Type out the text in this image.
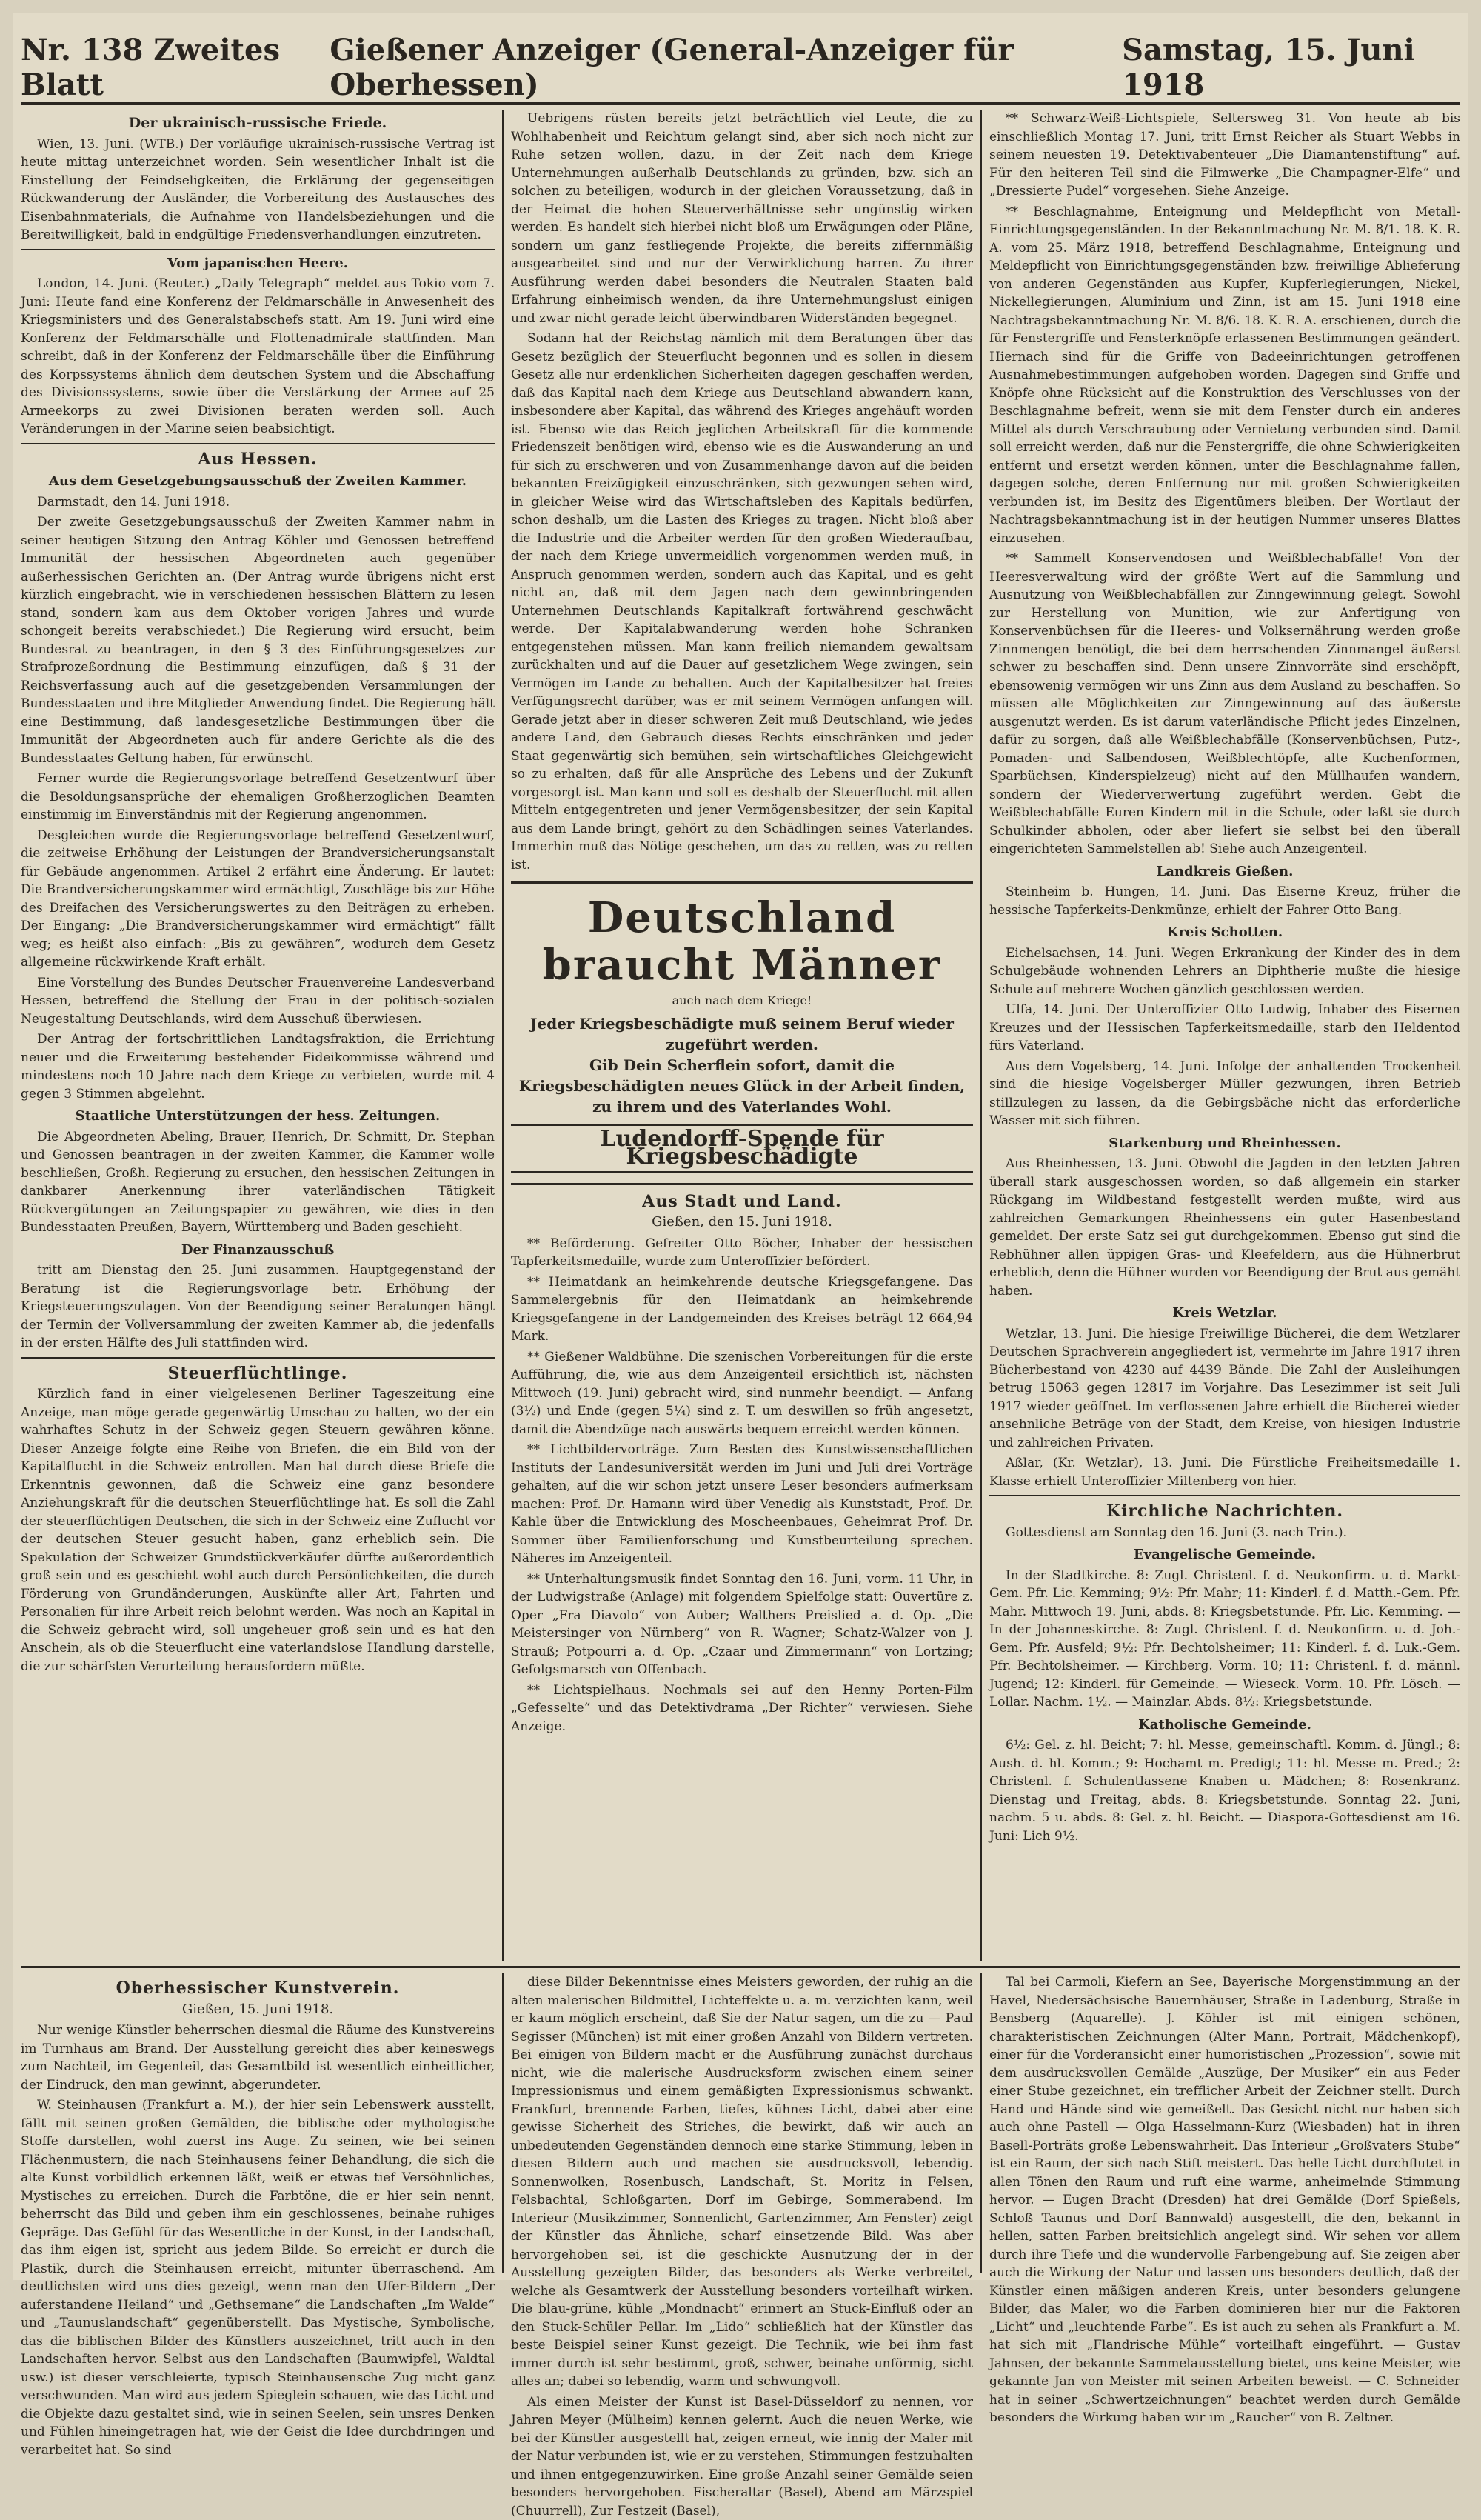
Nr. 138 Zweites Blatt
Gießener Anzeiger (General-Anzeiger für Oberhessen)
Samstag, 15. Juni 1918
Der ukrainisch-russische Friede.

Wien, 13. Juni. (WTB.) Der vorläufige ukrainisch-russische Vertrag ist heute mittag unterzeichnet worden. Sein wesentlicher Inhalt ist die Einstellung der Feindseligkeiten, die Erklärung der gegenseitigen Rückwanderung der Ausländer, die Vorbereitung des Austausches des Eisenbahnmaterials, die Aufnahme von Handelsbeziehungen und die Bereitwilligkeit, bald in endgültige Friedensverhandlungen einzutreten.

Vom japanischen Heere.

London, 14. Juni. (Reuter.) „Daily Telegraph“ meldet aus Tokio vom 7. Juni: Heute fand eine Konferenz der Feldmarschälle in Anwesenheit des Kriegsministers und des Generalstabschefs statt. Am 19. Juni wird eine Konferenz der Feldmarschälle und Flottenadmirale stattfinden. Man schreibt, daß in der Konferenz der Feldmarschälle über die Einführung des Korpssystems ähnlich dem deutschen System und die Abschaffung des Divisionssystems, sowie über die Verstärkung der Armee auf 25 Armeekorps zu zwei Divisionen beraten werden soll. Auch Veränderungen in der Marine seien beabsichtigt.

Aus Hessen.
Aus dem Gesetzgebungsausschuß der Zweiten Kammer.

Darmstadt, den 14. Juni 1918.

Der zweite Gesetzgebungsausschuß der Zweiten Kammer nahm in seiner heutigen Sitzung den Antrag Köhler und Genossen betreffend Immunität der hessischen Abgeordneten auch gegenüber außerhessischen Gerichten an. (Der Antrag wurde übrigens nicht erst kürzlich eingebracht, wie in verschiedenen hessischen Blättern zu lesen stand, sondern kam aus dem Oktober vorigen Jahres und wurde schongeit bereits verabschiedet.) Die Regierung wird ersucht, beim Bundesrat zu beantragen, in den § 3 des Einführungsgesetzes zur Strafprozeßordnung die Bestimmung einzufügen, daß § 31 der Reichsverfassung auch auf die gesetzgebenden Versammlungen der Bundesstaaten und ihre Mitglieder Anwendung findet. Die Regierung hält eine Bestimmung, daß landesgesetzliche Bestimmungen über die Immunität der Abgeordneten auch für andere Gerichte als die des Bundesstaates Geltung haben, für erwünscht.

Ferner wurde die Regierungsvorlage betreffend Gesetzentwurf über die Besoldungsansprüche der ehemaligen Großherzoglichen Beamten einstimmig im Einverständnis mit der Regierung angenommen.

Desgleichen wurde die Regierungsvorlage betreffend Gesetzentwurf, die zeitweise Erhöhung der Leistungen der Brandversicherungsanstalt für Gebäude angenommen. Artikel 2 erfährt eine Änderung. Er lautet: Die Brandversicherungskammer wird ermächtigt, Zuschläge bis zur Höhe des Dreifachen des Versicherungswertes zu den Beiträgen zu erheben. Der Eingang: „Die Brandversicherungskammer wird ermächtigt“ fällt weg; es heißt also einfach: „Bis zu gewähren“, wodurch dem Gesetz allgemeine rückwirkende Kraft erhält.

Eine Vorstellung des Bundes Deutscher Frauenvereine Landesverband Hessen, betreffend die Stellung der Frau in der politisch-sozialen Neugestaltung Deutschlands, wird dem Ausschuß überwiesen.

Der Antrag der fortschrittlichen Landtagsfraktion, die Errichtung neuer und die Erweiterung bestehender Fideikommisse während und mindestens noch 10 Jahre nach dem Kriege zu verbieten, wurde mit 4 gegen 3 Stimmen abgelehnt.

Staatliche Unterstützungen der hess. Zeitungen.

Die Abgeordneten Abeling, Brauer, Henrich, Dr. Schmitt, Dr. Stephan und Genossen beantragen in der zweiten Kammer, die Kammer wolle beschließen, Großh. Regierung zu ersuchen, den hessischen Zeitungen in dankbarer Anerkennung ihrer vaterländischen Tätigkeit Rückvergütungen an Zeitungspapier zu gewähren, wie dies in den Bundesstaaten Preußen, Bayern, Württemberg und Baden geschieht.

Der Finanzausschuß

tritt am Dienstag den 25. Juni zusammen. Hauptgegenstand der Beratung ist die Regierungsvorlage betr. Erhöhung der Kriegsteuerungszulagen. Von der Beendigung seiner Beratungen hängt der Termin der Vollversammlung der zweiten Kammer ab, die jedenfalls in der ersten Hälfte des Juli stattfinden wird.

Steuerflüchtlinge.

Kürzlich fand in einer vielgelesenen Berliner Tageszeitung eine Anzeige, man möge gerade gegenwärtig Umschau zu halten, wo der ein wahrhaftes Schutz in der Schweiz gegen Steuern gewähren könne. Dieser Anzeige folgte eine Reihe von Briefen, die ein Bild von der Kapitalflucht in die Schweiz entrollen. Man hat durch diese Briefe die Erkenntnis gewonnen, daß die Schweiz eine ganz besondere Anziehungskraft für die deutschen Steuerflüchtlinge hat. Es soll die Zahl der steuerflüchtigen Deutschen, die sich in der Schweiz eine Zuflucht vor der deutschen Steuer gesucht haben, ganz erheblich sein. Die Spekulation der Schweizer Grundstückverkäufer dürfte außerordentlich groß sein und es geschieht wohl auch durch Persönlichkeiten, die durch Förderung von Grundänderungen, Auskünfte aller Art, Fahrten und Personalien für ihre Arbeit reich belohnt werden. Was noch an Kapital in die Schweiz gebracht wird, soll ungeheuer groß sein und es hat den Anschein, als ob die Steuerflucht eine vaterlandslose Handlung darstelle, die zur schärfsten Verurteilung herausfordern müßte.

Uebrigens rüsten bereits jetzt beträchtlich viel Leute, die zu Wohlhabenheit und Reichtum gelangt sind, aber sich noch nicht zur Ruhe setzen wollen, dazu, in der Zeit nach dem Kriege Unternehmungen außerhalb Deutschlands zu gründen, bzw. sich an solchen zu beteiligen, wodurch in der gleichen Voraussetzung, daß in der Heimat die hohen Steuerverhältnisse sehr ungünstig wirken werden. Es handelt sich hierbei nicht bloß um Erwägungen oder Pläne, sondern um ganz festliegende Projekte, die bereits ziffernmäßig ausgearbeitet sind und nur der Verwirklichung harren. Zu ihrer Ausführung werden dabei besonders die Neutralen Staaten bald Erfahrung einheimisch wenden, da ihre Unternehmungslust einigen und zwar nicht gerade leicht überwindbaren Widerständen begegnet.

Sodann hat der Reichstag nämlich mit dem Beratungen über das Gesetz bezüglich der Steuerflucht begonnen und es sollen in diesem Gesetz alle nur erdenklichen Sicherheiten dagegen geschaffen werden, daß das Kapital nach dem Kriege aus Deutschland abwandern kann, insbesondere aber Kapital, das während des Krieges angehäuft worden ist. Ebenso wie das Reich jeglichen Arbeitskraft für die kommende Friedenszeit benötigen wird, ebenso wie es die Auswanderung an und für sich zu erschweren und von Zusammenhange davon auf die beiden bekannten Freizügigkeit einzuschränken, sich gezwungen sehen wird, in gleicher Weise wird das Wirtschaftsleben des Kapitals bedürfen, schon deshalb, um die Lasten des Krieges zu tragen. Nicht bloß aber die Industrie und die Arbeiter werden für den großen Wiederaufbau, der nach dem Kriege unvermeidlich vorgenommen werden muß, in Anspruch genommen werden, sondern auch das Kapital, und es geht nicht an, daß mit dem Jagen nach dem gewinnbringenden Unternehmen Deutschlands Kapitalkraft fortwährend geschwächt werde. Der Kapitalabwanderung werden hohe Schranken entgegenstehen müssen. Man kann freilich niemandem gewaltsam zurückhalten und auf die Dauer auf gesetzlichem Wege zwingen, sein Vermögen im Lande zu behalten. Auch der Kapitalbesitzer hat freies Verfügungsrecht darüber, was er mit seinem Vermögen anfangen will. Gerade jetzt aber in dieser schweren Zeit muß Deutschland, wie jedes andere Land, den Gebrauch dieses Rechts einschränken und jeder Staat gegenwärtig sich bemühen, sein wirtschaftliches Gleichgewicht so zu erhalten, daß für alle Ansprüche des Lebens und der Zukunft vorgesorgt ist. Man kann und soll es deshalb der Steuerflucht mit allen Mitteln entgegentreten und jener Vermögensbesitzer, der sein Kapital aus dem Lande bringt, gehört zu den Schädlingen seines Vaterlandes. Immerhin muß das Nötige geschehen, um das zu retten, was zu retten ist.

Deutschland
braucht Männer
auch nach dem Kriege!
Jeder Kriegsbeschädigte muß seinem Beruf wieder zugeführt werden.
Gib Dein Scherflein sofort, damit die Kriegsbeschädigten neues Glück in der Arbeit finden, zu ihrem und des Vaterlandes Wohl.
Ludendorff-Spende für Kriegsbeschädigte
Aus Stadt und Land.
Gießen, den 15. Juni 1918.

** Beförderung. Gefreiter Otto Böcher, Inhaber der hessischen Tapferkeitsmedaille, wurde zum Unteroffizier befördert.

** Heimatdank an heimkehrende deutsche Kriegsgefangene. Das Sammelergebnis für den Heimatdank an heimkehrende Kriegsgefangene in der Landgemeinden des Kreises beträgt 12 664,94 Mark.

** Gießener Waldbühne. Die szenischen Vorbereitungen für die erste Aufführung, die, wie aus dem Anzeigenteil ersichtlich ist, nächsten Mittwoch (19. Juni) gebracht wird, sind nunmehr beendigt. — Anfang (3½) und Ende (gegen 5¼) sind z. T. um deswillen so früh angesetzt, damit die Abendzüge nach auswärts bequem erreicht werden können.

** Lichtbildervorträge. Zum Besten des Kunstwissenschaftlichen Instituts der Landesuniversität werden im Juni und Juli drei Vorträge gehalten, auf die wir schon jetzt unsere Leser besonders aufmerksam machen: Prof. Dr. Hamann wird über Venedig als Kunststadt, Prof. Dr. Kahle über die Entwicklung des Moscheenbaues, Geheimrat Prof. Dr. Sommer über Familienforschung und Kunstbeurteilung sprechen. Näheres im Anzeigenteil.

** Unterhaltungsmusik findet Sonntag den 16. Juni, vorm. 11 Uhr, in der Ludwigstraße (Anlage) mit folgendem Spielfolge statt: Ouvertüre z. Oper „Fra Diavolo“ von Auber; Walthers Preislied a. d. Op. „Die Meistersinger von Nürnberg“ von R. Wagner; Schatz-Walzer von J. Strauß; Potpourri a. d. Op. „Czaar und Zimmermann“ von Lortzing; Gefolgsmarsch von Offenbach.

** Lichtspielhaus. Nochmals sei auf den Henny Porten-Film „Gefesselte“ und das Detektivdrama „Der Richter“ verwiesen. Siehe Anzeige.

** Schwarz-Weiß-Lichtspiele, Seltersweg 31. Von heute ab bis einschließlich Montag 17. Juni, tritt Ernst Reicher als Stuart Webbs in seinem neuesten 19. Detektivabenteuer „Die Diamantenstiftung“ auf. Für den heiteren Teil sind die Filmwerke „Die Champagner-Elfe“ und „Dressierte Pudel“ vorgesehen. Siehe Anzeige.

** Beschlagnahme, Enteignung und Meldepflicht von Metall-Einrichtungsgegenständen. In der Bekanntmachung Nr. M. 8/1. 18. K. R. A. vom 25. März 1918, betreffend Beschlagnahme, Enteignung und Meldepflicht von Einrichtungsgegenständen bzw. freiwillige Ablieferung von anderen Gegenständen aus Kupfer, Kupferlegierungen, Nickel, Nickellegierungen, Aluminium und Zinn, ist am 15. Juni 1918 eine Nachtragsbekanntmachung Nr. M. 8/6. 18. K. R. A. erschienen, durch die für Fenstergriffe und Fensterknöpfe erlassenen Bestimmungen geändert. Hiernach sind für die Griffe von Badeeinrichtungen getroffenen Ausnahmebestimmungen aufgehoben worden. Dagegen sind Griffe und Knöpfe ohne Rücksicht auf die Konstruktion des Verschlusses von der Beschlagnahme befreit, wenn sie mit dem Fenster durch ein anderes Mittel als durch Verschraubung oder Vernietung verbunden sind. Damit soll erreicht werden, daß nur die Fenstergriffe, die ohne Schwierigkeiten entfernt und ersetzt werden können, unter die Beschlagnahme fallen, dagegen solche, deren Entfernung nur mit großen Schwierigkeiten verbunden ist, im Besitz des Eigentümers bleiben. Der Wortlaut der Nachtragsbekanntmachung ist in der heutigen Nummer unseres Blattes einzusehen.

** Sammelt Konservendosen und Weißblechabfälle! Von der Heeresverwaltung wird der größte Wert auf die Sammlung und Ausnutzung von Weißblechabfällen zur Zinngewinnung gelegt. Sowohl zur Herstellung von Munition, wie zur Anfertigung von Konservenbüchsen für die Heeres- und Volksernährung werden große Zinnmengen benötigt, die bei dem herrschenden Zinnmangel äußerst schwer zu beschaffen sind. Denn unsere Zinnvorräte sind erschöpft, ebensowenig vermögen wir uns Zinn aus dem Ausland zu beschaffen. So müssen alle Möglichkeiten zur Zinngewinnung auf das äußerste ausgenutzt werden. Es ist darum vaterländische Pflicht jedes Einzelnen, dafür zu sorgen, daß alle Weißblechabfälle (Konservenbüchsen, Putz-, Pomaden- und Salbendosen, Weißblechtöpfe, alte Kuchenformen, Sparbüchsen, Kinderspielzeug) nicht auf den Müllhaufen wandern, sondern der Wiederverwertung zugeführt werden. Gebt die Weißblechabfälle Euren Kindern mit in die Schule, oder laßt sie durch Schulkinder abholen, oder aber liefert sie selbst bei den überall eingerichteten Sammelstellen ab! Siehe auch Anzeigenteil.

Landkreis Gießen.

Steinheim b. Hungen, 14. Juni. Das Eiserne Kreuz, früher die hessische Tapferkeits-Denkmünze, erhielt der Fahrer Otto Bang.

Kreis Schotten.

Eichelsachsen, 14. Juni. Wegen Erkrankung der Kinder des in dem Schulgebäude wohnenden Lehrers an Diphtherie mußte die hiesige Schule auf mehrere Wochen gänzlich geschlossen werden.

Ulfa, 14. Juni. Der Unteroffizier Otto Ludwig, Inhaber des Eisernen Kreuzes und der Hessischen Tapferkeitsmedaille, starb den Heldentod fürs Vaterland.

Aus dem Vogelsberg, 14. Juni. Infolge der anhaltenden Trockenheit sind die hiesige Vogelsberger Müller gezwungen, ihren Betrieb stillzulegen zu lassen, da die Gebirgsbäche nicht das erforderliche Wasser mit sich führen.

Starkenburg und Rheinhessen.

Aus Rheinhessen, 13. Juni. Obwohl die Jagden in den letzten Jahren überall stark ausgeschossen worden, so daß allgemein ein starker Rückgang im Wildbestand festgestellt werden mußte, wird aus zahlreichen Gemarkungen Rheinhessens ein guter Hasenbestand gemeldet. Der erste Satz sei gut durchgekommen. Ebenso gut sind die Rebhühner allen üppigen Gras- und Kleefeldern, aus die Hühnerbrut erheblich, denn die Hühner wurden vor Beendigung der Brut aus gemäht haben.

Kreis Wetzlar.

Wetzlar, 13. Juni. Die hiesige Freiwillige Bücherei, die dem Wetzlarer Deutschen Sprachverein angegliedert ist, vermehrte im Jahre 1917 ihren Bücherbestand von 4230 auf 4439 Bände. Die Zahl der Ausleihungen betrug 15063 gegen 12817 im Vorjahre. Das Lesezimmer ist seit Juli 1917 wieder geöffnet. Im verflossenen Jahre erhielt die Bücherei wieder ansehnliche Beträge von der Stadt, dem Kreise, von hiesigen Industrie und zahlreichen Privaten.

Aßlar, (Kr. Wetzlar), 13. Juni. Die Fürstliche Freiheitsmedaille 1. Klasse erhielt Unteroffizier Miltenberg von hier.

Kirchliche Nachrichten.

Gottesdienst am Sonntag den 16. Juni (3. nach Trin.).

Evangelische Gemeinde.

In der Stadtkirche. 8: Zugl. Christenl. f. d. Neukonfirm. u. d. Markt-Gem. Pfr. Lic. Kemming; 9½: Pfr. Mahr; 11: Kinderl. f. d. Matth.-Gem. Pfr. Mahr. Mittwoch 19. Juni, abds. 8: Kriegsbetstunde. Pfr. Lic. Kemming. — In der Johanneskirche. 8: Zugl. Christenl. f. d. Neukonfirm. u. d. Joh.-Gem. Pfr. Ausfeld; 9½: Pfr. Bechtolsheimer; 11: Kinderl. f. d. Luk.-Gem. Pfr. Bechtolsheimer. — Kirchberg. Vorm. 10; 11: Christenl. f. d. männl. Jugend; 12: Kinderl. für Gemeinde. — Wieseck. Vorm. 10. Pfr. Lösch. — Lollar. Nachm. 1½. — Mainzlar. Abds. 8½: Kriegsbetstunde.

Katholische Gemeinde.

6½: Gel. z. hl. Beicht; 7: hl. Messe, gemeinschaftl. Komm. d. Jüngl.; 8: Aush. d. hl. Komm.; 9: Hochamt m. Predigt; 11: hl. Messe m. Pred.; 2: Christenl. f. Schulentlassene Knaben u. Mädchen; 8: Rosenkranz. Dienstag und Freitag, abds. 8: Kriegsbetstunde. Sonntag 22. Juni, nachm. 5 u. abds. 8: Gel. z. hl. Beicht. — Diaspora-Gottesdienst am 16. Juni: Lich 9½.

Oberhessischer Kunstverein.
Gießen, 15. Juni 1918.

Nur wenige Künstler beherrschen diesmal die Räume des Kunstvereins im Turnhaus am Brand. Der Ausstellung gereicht dies aber keineswegs zum Nachteil, im Gegenteil, das Gesamtbild ist wesentlich einheitlicher, der Eindruck, den man gewinnt, abgerundeter.

W. Steinhausen (Frankfurt a. M.), der hier sein Lebenswerk ausstellt, fällt mit seinen großen Gemälden, die biblische oder mythologische Stoffe darstellen, wohl zuerst ins Auge. Zu seinen, wie bei seinen Flächenmustern, die nach Steinhausens feiner Behandlung, die sich die alte Kunst vorbildlich erkennen läßt, weiß er etwas tief Versöhnliches, Mystisches zu erreichen. Durch die Farbtöne, die er hier sein nennt, beherrscht das Bild und geben ihm ein geschlossenes, beinahe ruhiges Gepräge. Das Gefühl für das Wesentliche in der Kunst, in der Landschaft, das ihm eigen ist, spricht aus jedem Bilde. So erreicht er durch die Plastik, durch die Steinhausen erreicht, mitunter überraschend. Am deutlichsten wird uns dies gezeigt, wenn man den Ufer-Bildern „Der auferstandene Heiland“ und „Gethsemane“ die Landschaften „Im Walde“ und „Taunuslandschaft“ gegenüberstellt. Das Mystische, Symbolische, das die biblischen Bilder des Künstlers auszeichnet, tritt auch in den Landschaften hervor. Selbst aus den Landschaften (Baumwipfel, Waldtal usw.) ist dieser verschleierte, typisch Steinhausensche Zug nicht ganz verschwunden. Man wird aus jedem Spieglein schauen, wie das Licht und die Objekte dazu gestaltet sind, wie in seinen Seelen, sein unsres Denken und Fühlen hineingetragen hat, wie der Geist die Idee durchdringen und verarbeitet hat. So sind

diese Bilder Bekenntnisse eines Meisters geworden, der ruhig an die alten malerischen Bildmittel, Lichteffekte u. a. m. verzichten kann, weil er kaum möglich erscheint, daß Sie der Natur sagen, um die zu — Paul Segisser (München) ist mit einer großen Anzahl von Bildern vertreten. Bei einigen von Bildern macht er die Ausführung zunächst durchaus nicht, wie die malerische Ausdrucksform zwischen einem seiner Impressionismus und einem gemäßigten Expressionismus schwankt. Frankfurt, brennende Farben, tiefes, kühnes Licht, dabei aber eine gewisse Sicherheit des Striches, die bewirkt, daß wir auch an unbedeutenden Gegenständen dennoch eine starke Stimmung, leben in diesen Bildern auch und machen sie ausdrucksvoll, lebendig. Sonnenwolken, Rosenbusch, Landschaft, St. Moritz in Felsen, Felsbachtal, Schloßgarten, Dorf im Gebirge, Sommerabend. Im Interieur (Musikzimmer, Sonnenlicht, Gartenzimmer, Am Fenster) zeigt der Künstler das Ähnliche, scharf einsetzende Bild. Was aber hervorgehoben sei, ist die geschickte Ausnutzung der in der Ausstellung gezeigten Bilder, das besonders als Werke verbreitet, welche als Gesamtwerk der Ausstellung besonders vorteilhaft wirken. Die blau-grüne, kühle „Mondnacht“ erinnert an Stuck-Einfluß oder an den Stuck-Schüler Pellar. Im „Lido“ schließlich hat der Künstler das beste Beispiel seiner Kunst gezeigt. Die Technik, wie bei ihm fast immer durch ist sehr bestimmt, groß, schwer, beinahe unförmig, sicht alles an; dabei so lebendig, warm und schwungvoll.

Als einen Meister der Kunst ist Basel-Düsseldorf zu nennen, vor Jahren Meyer (Mülheim) kennen gelernt. Auch die neuen Werke, wie bei der Künstler ausgestellt hat, zeigen erneut, wie innig der Maler mit der Natur verbunden ist, wie er zu verstehen, Stimmungen festzuhalten und ihnen entgegenzuwirken. Eine große Anzahl seiner Gemälde seien besonders hervorgehoben. Fischeraltar (Basel), Abend am Märzspiel (Chuurrell), Zur Festzeit (Basel),

Tal bei Carmoli, Kiefern an See, Bayerische Morgenstimmung an der Havel, Niedersächsische Bauernhäuser, Straße in Ladenburg, Straße in Bensberg (Aquarelle). J. Köhler ist mit einigen schönen, charakteristischen Zeichnungen (Alter Mann, Portrait, Mädchenkopf), einer für die Vorderansicht einer humoristischen „Prozession“, sowie mit dem ausdrucksvollen Gemälde „Auszüge, Der Musiker“ ein aus Feder einer Stube gezeichnet, ein trefflicher Arbeit der Zeichner stellt. Durch Hand und Hände sind wie gemeißelt. Das Gesicht nicht nur haben sich auch ohne Pastell — Olga Hasselmann-Kurz (Wiesbaden) hat in ihren Basell-Porträts große Lebenswahrheit. Das Interieur „Großvaters Stube“ ist ein Raum, der sich nach Stift meistert. Das helle Licht durchflutet in allen Tönen den Raum und ruft eine warme, anheimelnde Stimmung hervor. — Eugen Bracht (Dresden) hat drei Gemälde (Dorf Spießels, Schloß Taunus und Dorf Bannwald) ausgestellt, die den, bekannt in hellen, satten Farben breitsichlich angelegt sind. Wir sehen vor allem durch ihre Tiefe und die wundervolle Farbengebung auf. Sie zeigen aber auch die Wirkung der Natur und lassen uns besonders deutlich, daß der Künstler einen mäßigen anderen Kreis, unter besonders gelungene Bilder, das Maler, wo die Farben dominieren hier nur die Faktoren „Licht“ und „leuchtende Farbe“. Es ist auch zu sehen als Frankfurt a. M. hat sich mit „Flandrische Mühle“ vorteilhaft eingeführt. — Gustav Jahnsen, der bekannte Sammelausstellung bietet, uns keine Meister, wie gekannte Jan von Meister mit seinen Arbeiten beweist. — C. Schneider hat in seiner „Schwertzeichnungen“ beachtet werden durch Gemälde besonders die Wirkung haben wir im „Raucher“ von B. Zeltner.
